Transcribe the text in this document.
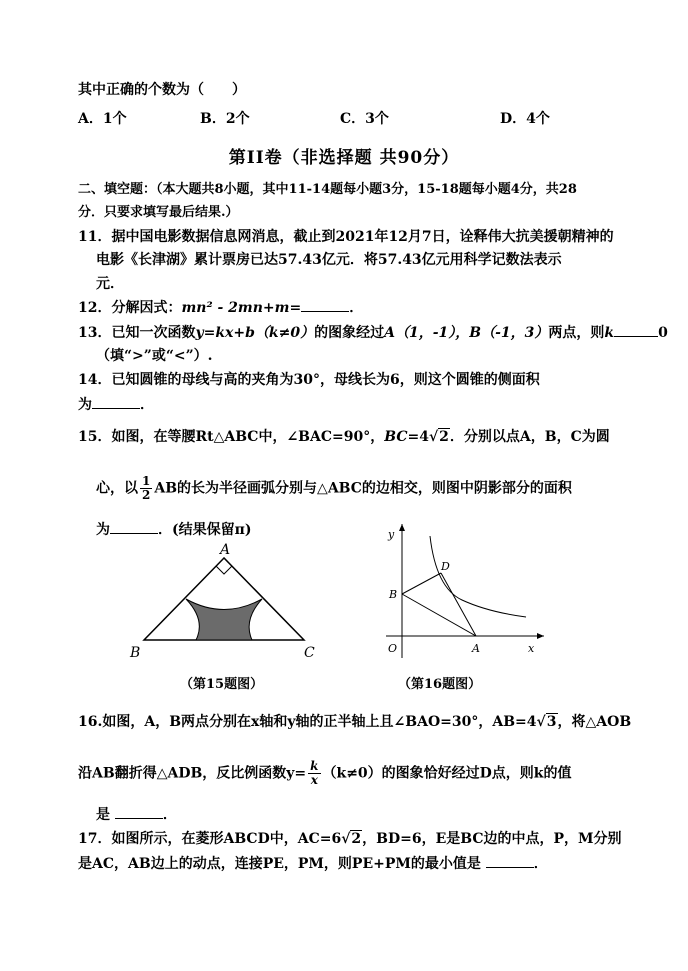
其中正确的个数为（　　）
A．1个	B．2个	C．3个	D．4个
第II卷（非选择题 共90分）
二、填空题：（本大题共8小题，其中11-14题每小题3分，15-18题每小题4分，共28
分．只要求填写最后结果.）
11．据中国电影数据信息网消息，截止到2021年12月7日，诠释伟大抗美援朝精神的
电影《长津湖》累计票房已达57.43亿元．将57.43亿元用科学记数法表示
元．
12．分解因式：mn² - 2mn+m=	．
13．已知一次函数y=kx+b（k≠0）的图象经过A（1，-1），B（-1，3）两点，则k	0
（填“>”或“<”）.
14．已知圆锥的母线与高的夹角为30°，母线长为6，则这个圆锥的侧面积
为	．
15．如图，在等腰Rt△ABC中，∠BAC=90°，BC=4√2．分别以点A，B，C为圆
心，以 $\frac{1}{2}$ AB的长为半径画弧分别与△ABC的边相交，则图中阴影部分的面积
为	．(结果保留π)
A
B	C
（第15题图）
y
x
O	A
B
D
（第16题图）
16.如图，A，B两点分别在x轴和y轴的正半轴上且∠BAO=30°，AB=4√3，将△AOB
沿AB翻折得△ADB，反比例函数$y= \frac{k}{x} (k\ne 0)$的图象恰好经过D点，则k的值
是	．
17．如图所示，在菱形ABCD中，AC=6√2，BD=6，E是BC边的中点，P，M分别
是AC，AB边上的动点，连接PE，PM，则PE+PM的最小值是	．
